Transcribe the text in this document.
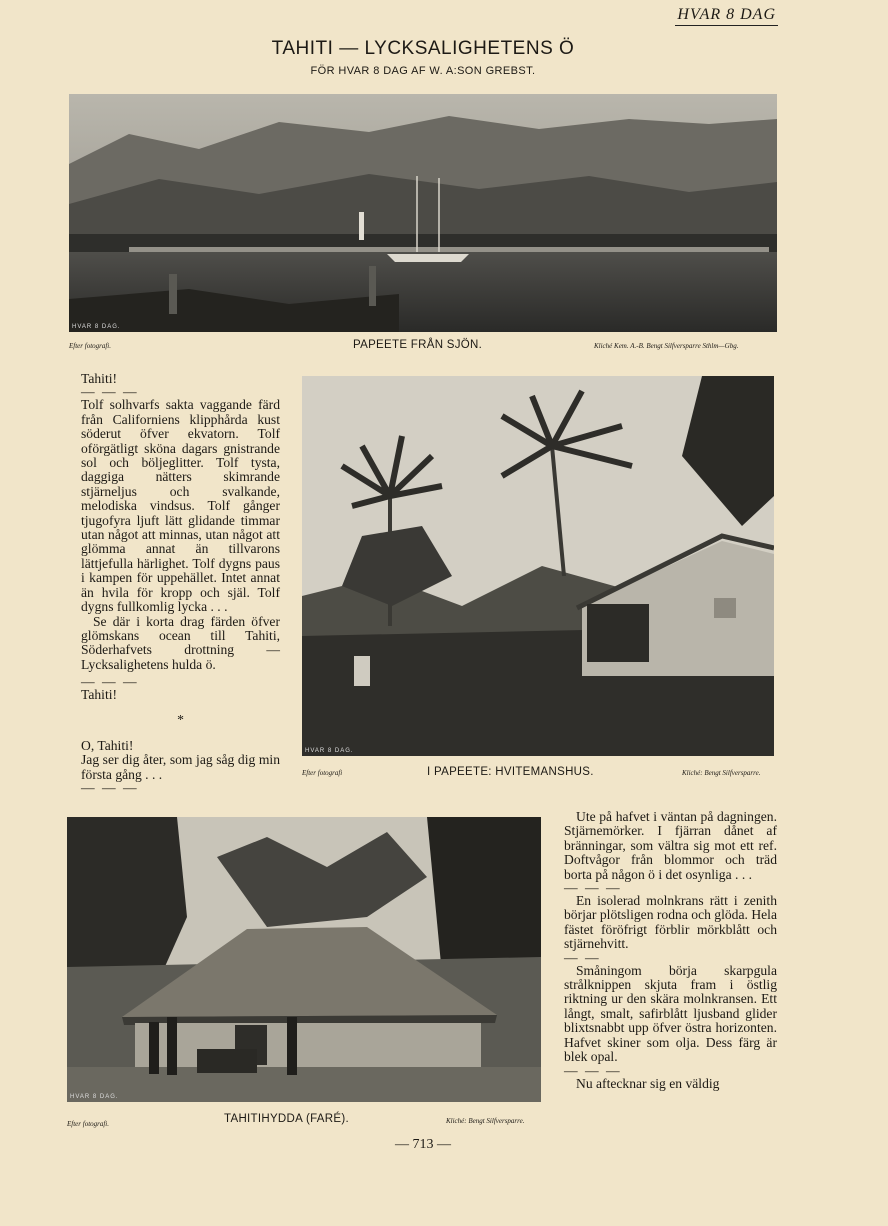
HVAR 8 DAG
TAHITI — LYCKSALIGHETENS Ö
FÖR HVAR 8 DAG AF W. A:SON GREBST.
HVAR 8 DAG.
Efter fotografi.	PAPEETE FRÅN SJÖN.	Kliché Kem. A.-B. Bengt Silfversparre Sthlm—Gbg.

Tahiti!

— — —

Tolf solhvarfs sakta vaggande färd från Californiens klipphårda kust söderut öfver ekvatorn. Tolf oförgätligt sköna dagars gnistrande sol och böljeglitter. Tolf tysta, daggiga nätters skimrande stjärneljus och svalkande, melodiska vindsus. Tolf gånger tjugofyra ljuft lätt glidande timmar utan något att minnas, utan något att glömma annat än tillvarons lättjefulla härlighet. Tolf dygns paus i kampen för uppehället. Intet annat än hvila för kropp och själ. Tolf dygns fullkomlig lycka . . .

Se där i korta drag färden öfver glömskans ocean till Tahiti, Söderhafvets drottning — Lycksalighetens hulda ö.

— — —

Tahiti!

*

O, Tahiti!

Jag ser dig åter, som jag såg dig min första gång . . .

— — —

HVAR 8 DAG.
Efter fotografi	I PAPEETE: HVITEMANSHUS.	Kliché: Bengt Silfversparre.
HVAR 8 DAG.
Efter fotografi.	TAHITIHYDDA (FARÉ).	Kliché: Bengt Silfversparre.

Ute på hafvet i väntan på dagningen. Stjärnemörker. I fjärran dånet af bränningar, som vältra sig mot ett ref. Doftvågor från blommor och träd borta på någon ö i det osynliga . . .

— — —

En isolerad molnkrans rätt i zenith börjar plötsligen rodna och glöda. Hela fästet föröfrigt förblir mörkblått och stjärnehvitt.

— —

Småningom börja skarpgula strålknippen skjuta fram i östlig riktning ur den skära molnkransen. Ett långt, smalt, safirblått ljusband glider blixtsnabbt upp öfver östra horizonten. Hafvet skiner som olja. Dess färg är blek opal.

— — —

Nu aftecknar sig en väldig

— 713 —
